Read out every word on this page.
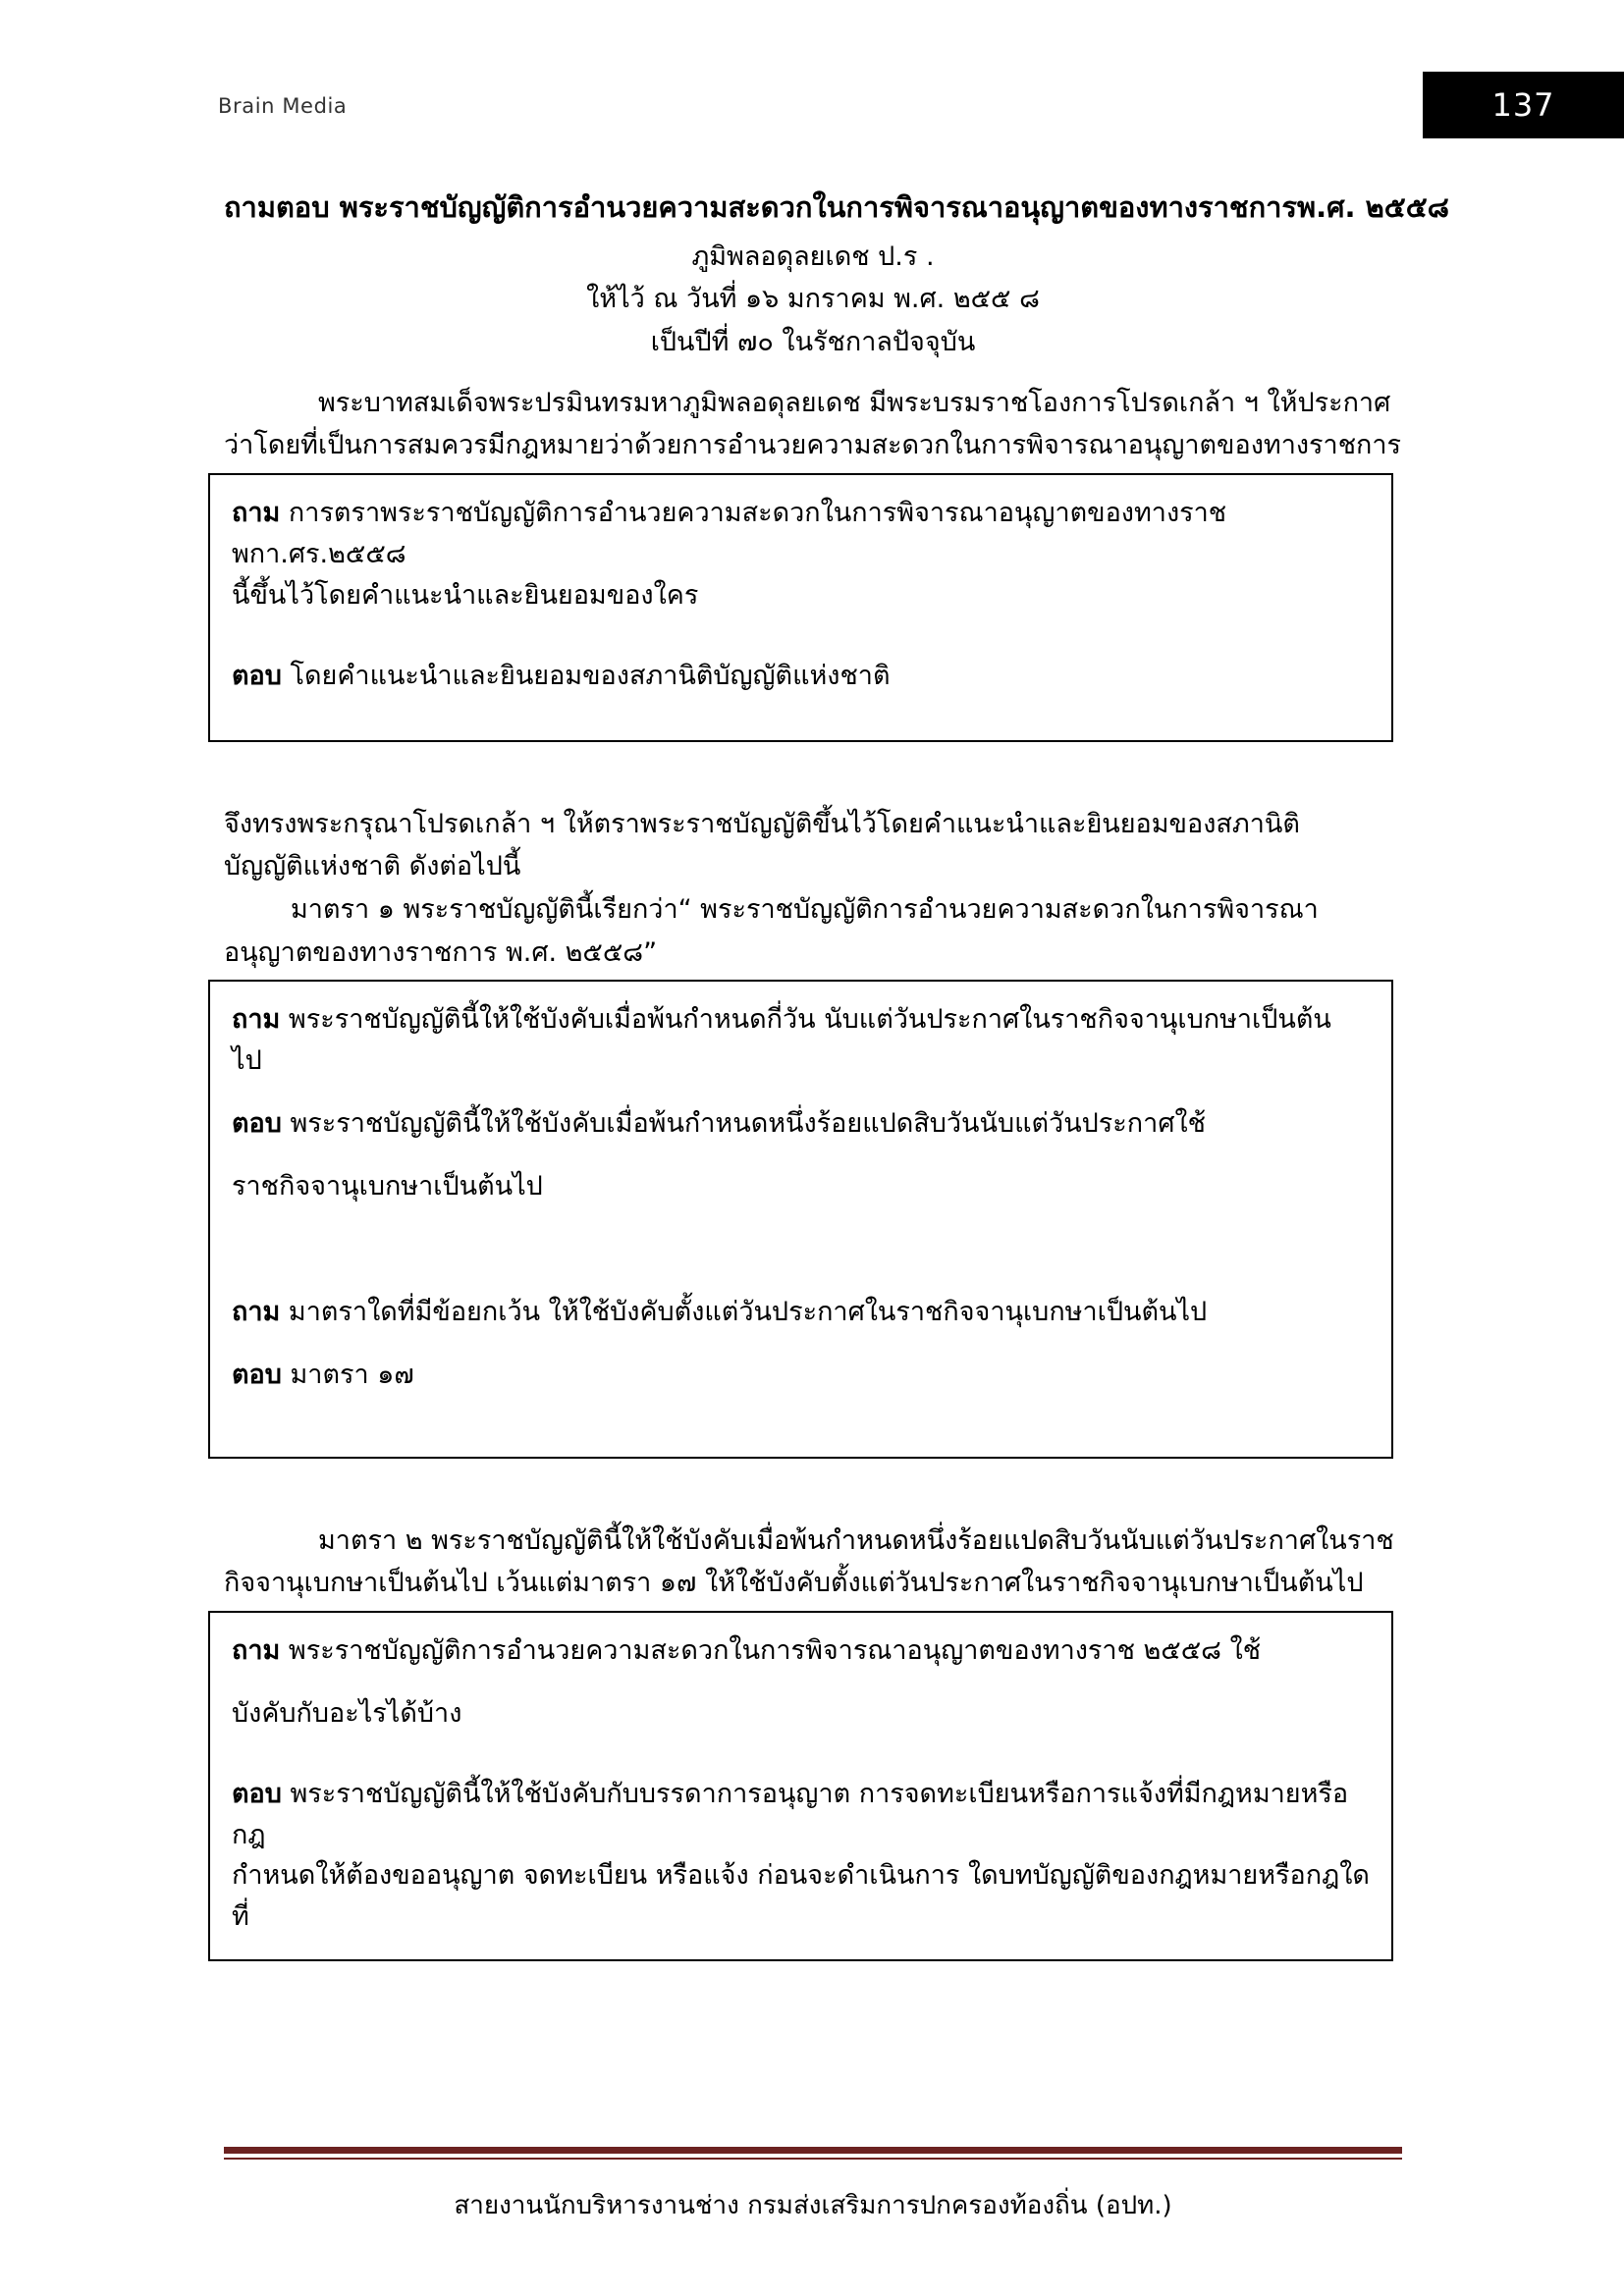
Brain Media	137
ถามตอบ พระราชบัญญัติการอำนวยความสะดวกในการพิจารณาอนุญาตของทางราชการพ.ศ. ๒๕๕๘

ภูมิพลอดุลยเดช ป.ร .

ให้ไว้ ณ วันที่ ๑๖ มกราคม พ.ศ. ๒๕๕ ๘

เป็นปีที่ ๗๐ ในรัชกาลปัจจุบัน

พระบาทสมเด็จพระปรมินทรมหาภูมิพลอดุลยเดช มีพระบรมราชโองการโปรดเกล้า ฯ ให้ประกาศ

ว่าโดยที่เป็นการสมควรมีกฎหมายว่าด้วยการอำนวยความสะดวกในการพิจารณาอนุญาตของทางราชการ

ถาม การตราพระราชบัญญัติการอำนวยความสะดวกในการพิจารณาอนุญาตของทางราช พกา.ศร.๒๕๕๘

นี้ขึ้นไว้โดยคำแนะนำและยินยอมของใคร

ตอบ โดยคำแนะนำและยินยอมของสภานิติบัญญัติแห่งชาติ

จึงทรงพระกรุณาโปรดเกล้า ฯ ให้ตราพระราชบัญญัติขึ้นไว้โดยคำแนะนำและยินยอมของสภานิติ

บัญญัติแห่งชาติ ดังต่อไปนี้

มาตรา ๑ พระราชบัญญัตินี้เรียกว่า“ พระราชบัญญัติการอำนวยความสะดวกในการพิจารณา

อนุญาตของทางราชการ พ.ศ. ๒๕๕๘”

ถาม พระราชบัญญัตินี้ให้ใช้บังคับเมื่อพ้นกำหนดกี่วัน นับแต่วันประกาศในราชกิจจานุเบกษาเป็นต้น ไป

ตอบ พระราชบัญญัตินี้ให้ใช้บังคับเมื่อพ้นกำหนดหนึ่งร้อยแปดสิบวันนับแต่วันประกาศใช้

ราชกิจจานุเบกษาเป็นต้นไป

ถาม มาตราใดที่มีข้อยกเว้น ให้ใช้บังคับตั้งแต่วันประกาศในราชกิจจานุเบกษาเป็นต้นไป

ตอบ มาตรา ๑๗

มาตรา ๒ พระราชบัญญัตินี้ให้ใช้บังคับเมื่อพ้นกำหนดหนึ่งร้อยแปดสิบวันนับแต่วันประกาศในราช

กิจจานุเบกษาเป็นต้นไป เว้นแต่มาตรา ๑๗ ให้ใช้บังคับตั้งแต่วันประกาศในราชกิจจานุเบกษาเป็นต้นไป

ถาม พระราชบัญญัติการอำนวยความสะดวกในการพิจารณาอนุญาตของทางราช ๒๕๕๘ ใช้

บังคับกับอะไรได้บ้าง

ตอบ พระราชบัญญัตินี้ให้ใช้บังคับกับบรรดาการอนุญาต การจดทะเบียนหรือการแจ้งที่มีกฎหมายหรือ กฎ

กำหนดให้ต้องขออนุญาต จดทะเบียน หรือแจ้ง ก่อนจะดำเนินการ ใดบทบัญญัติของกฎหมายหรือกฎใดที่

สายงานนักบริหารงานช่าง กรมส่งเสริมการปกครองท้องถิ่น (อปท.)
